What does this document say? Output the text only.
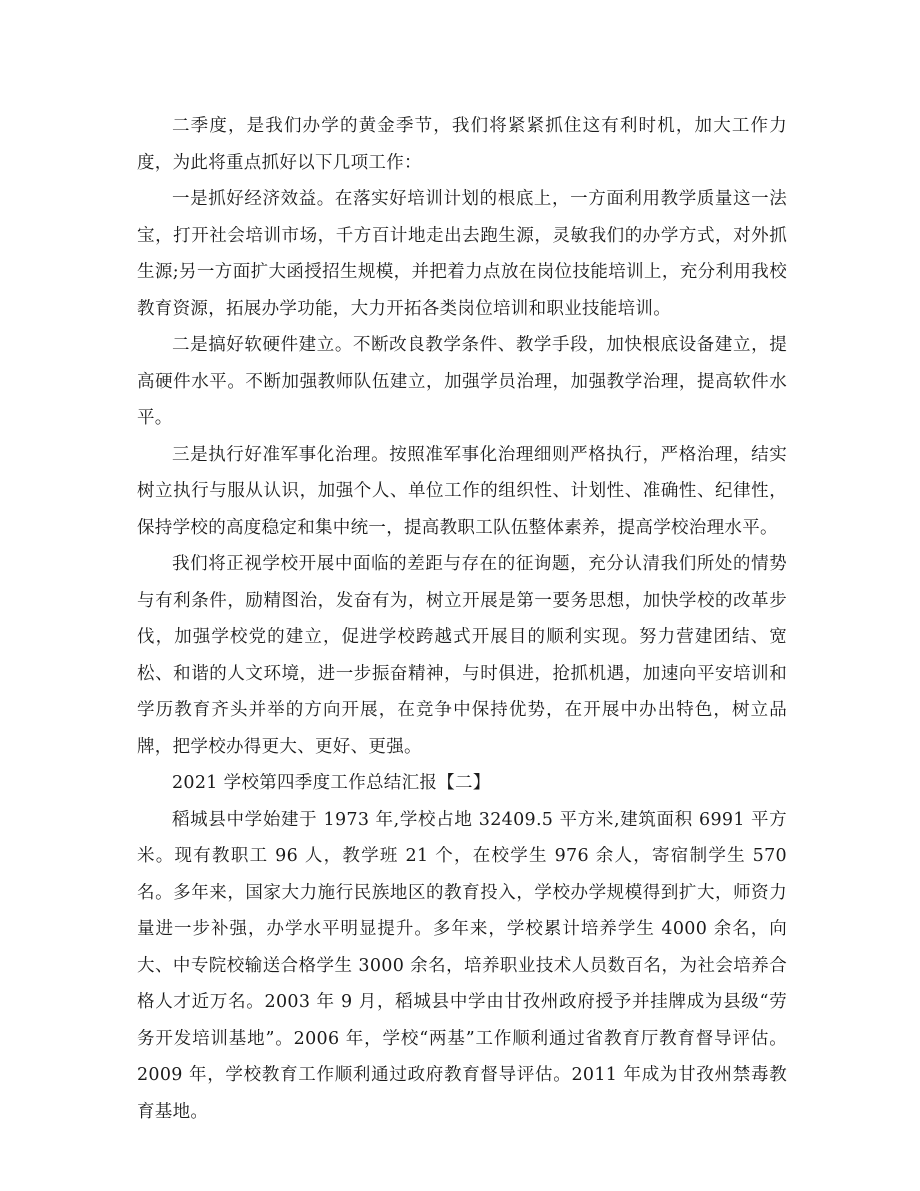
二季度，是我们办学的黄金季节，我们将紧紧抓住这有利时机，加大工作力度，为此将重点抓好以下几项工作：

一是抓好经济效益。在落实好培训计划的根底上，一方面利用教学质量这一法宝，打开社会培训市场，千方百计地走出去跑生源，灵敏我们的办学方式，对外抓生源;另一方面扩大函授招生规模，并把着力点放在岗位技能培训上，充分利用我校教育资源，拓展办学功能，大力开拓各类岗位培训和职业技能培训。

二是搞好软硬件建立。不断改良教学条件、教学手段，加快根底设备建立，提高硬件水平。不断加强教师队伍建立，加强学员治理，加强教学治理，提高软件水平。

三是执行好准军事化治理。按照准军事化治理细则严格执行，严格治理，结实树立执行与服从认识，加强个人、单位工作的组织性、计划性、准确性、纪律性，保持学校的高度稳定和集中统一，提高教职工队伍整体素养，提高学校治理水平。

我们将正视学校开展中面临的差距与存在的征询题，充分认清我们所处的情势与有利条件，励精图治，发奋有为，树立开展是第一要务思想，加快学校的改革步伐，加强学校党的建立，促进学校跨越式开展目的顺利实现。努力营建团结、宽松、和谐的人文环境，进一步振奋精神，与时俱进，抢抓机遇，加速向平安培训和学历教育齐头并举的方向开展，在竞争中保持优势，在开展中办出特色，树立品牌，把学校办得更大、更好、更强。

2021 学校第四季度工作总结汇报【二】

稻城县中学始建于 1973 年,学校占地 32409.5 平方米,建筑面积 6991 平方米。现有教职工 96 人，教学班 21 个，在校学生 976 余人，寄宿制学生 570 名。多年来，国家大力施行民族地区的教育投入，学校办学规模得到扩大，师资力量进一步补强，办学水平明显提升。多年来，学校累计培养学生 4000 余名，向大、中专院校输送合格学生 3000 余名，培养职业技术人员数百名，为社会培养合格人才近万名。2003 年 9 月，稻城县中学由甘孜州政府授予并挂牌成为县级“劳务开发培训基地”。2006 年，学校“两基”工作顺利通过省教育厅教育督导评估。2009 年，学校教育工作顺利通过政府教育督导评估。2011 年成为甘孜州禁毒教育基地。
